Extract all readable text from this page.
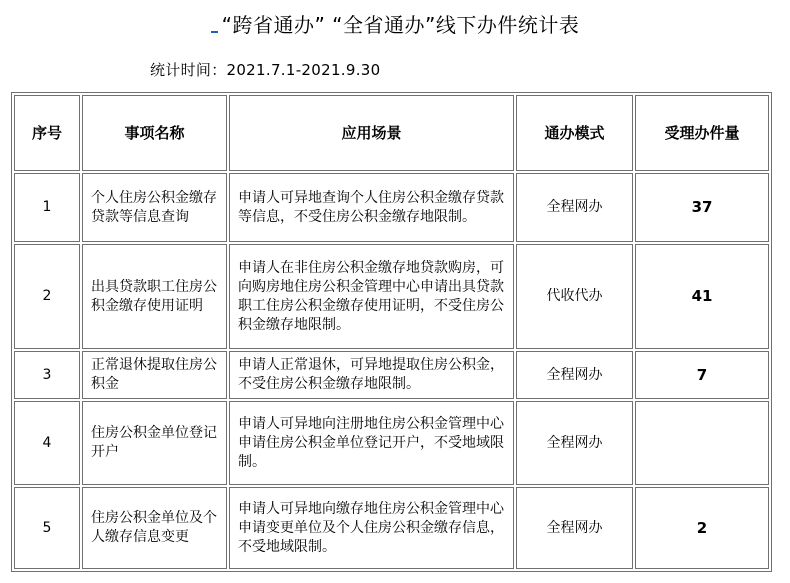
“跨省通办” “全省通办”线下办件统计表
统计时间：2021.7.1-2021.9.30
序号	事项名称	应用场景	通办模式	受理办件量
1	个人住房公积金缴存贷款等信息查询	申请人可异地查询个人住房公积金缴存贷款等信息，不受住房公积金缴存地限制。	全程网办	37
2	出具贷款职工住房公积金缴存使用证明	申请人在非住房公积金缴存地贷款购房，可向购房地住房公积金管理中心申请出具贷款职工住房公积金缴存使用证明，不受住房公积金缴存地限制。	代收代办	41
3	正常退休提取住房公积金	申请人正常退休，可异地提取住房公积金，不受住房公积金缴存地限制。	全程网办	7
4	住房公积金单位登记开户	申请人可异地向注册地住房公积金管理中心申请住房公积金单位登记开户，不受地域限制。	全程网办	
5	住房公积金单位及个人缴存信息变更	申请人可异地向缴存地住房公积金管理中心申请变更单位及个人住房公积金缴存信息，不受地域限制。	全程网办	2
